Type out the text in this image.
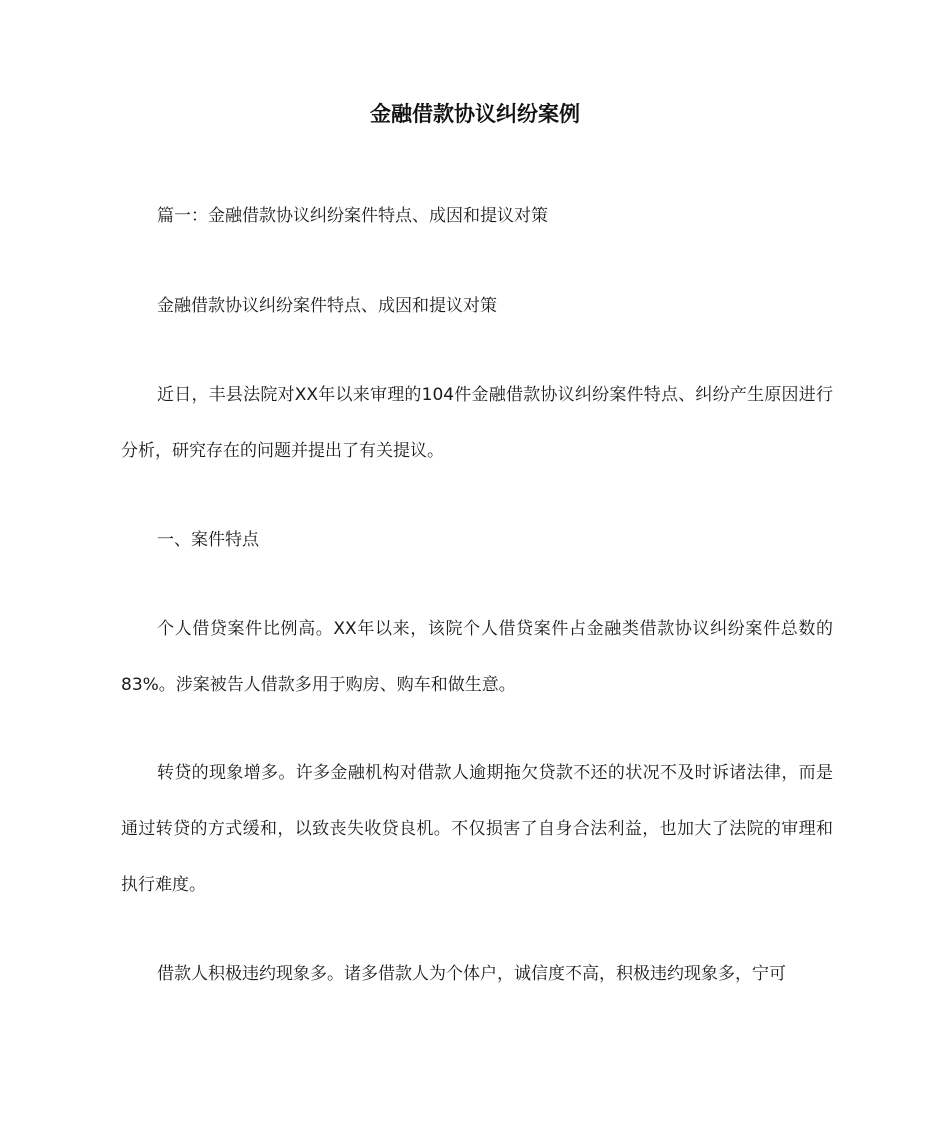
金融借款协议纠纷案例
篇一：金融借款协议纠纷案件特点、成因和提议对策
金融借款协议纠纷案件特点、成因和提议对策
近日，丰县法院对XX年以来审理的104件金融借款协议纠纷案件特点、纠纷产生原因进行分析，研究存在的问题并提出了有关提议。
一、案件特点
个人借贷案件比例高。XX年以来，该院个人借贷案件占金融类借款协议纠纷案件总数的83%。涉案被告人借款多用于购房、购车和做生意。
转贷的现象增多。许多金融机构对借款人逾期拖欠贷款不还的状况不及时诉诸法律，而是通过转贷的方式缓和，以致丧失收贷良机。不仅损害了自身合法利益，也加大了法院的审理和执行难度。
借款人积极违约现象多。诸多借款人为个体户，诚信度不高，积极违约现象多，宁可
